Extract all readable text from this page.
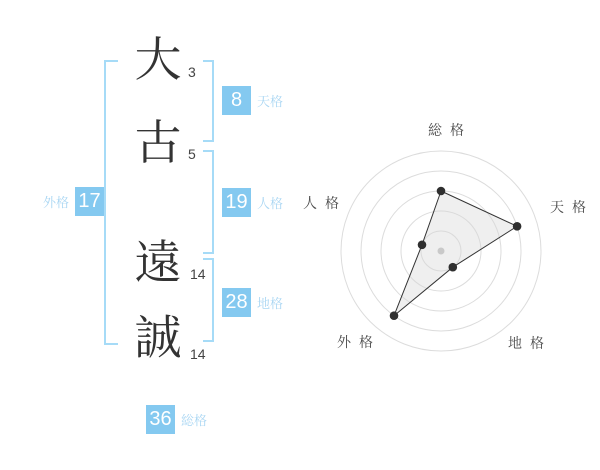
大
古
遠
誠
3
5
14
14
8	天格
19 人格
28 地格
外格 17
36 総格
総格
天格
地格
外格
人格
